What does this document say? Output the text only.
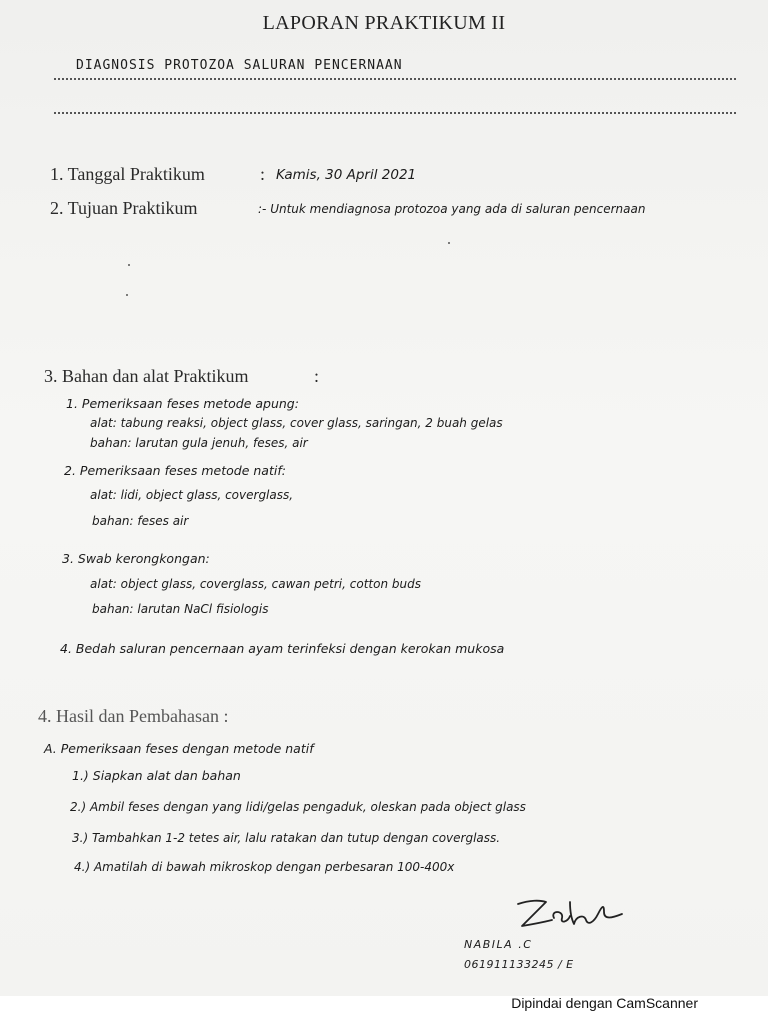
LAPORAN PRAKTIKUM II
DIAGNOSIS PROTOZOA SALURAN PENCERNAAN
1. Tanggal Praktikum	: Kamis, 30 April 2021
2. Tujuan Praktikum	:- Untuk mendiagnosa protozoa yang ada di saluran pencernaan
3. Bahan dan alat Praktikum	:
1. Pemeriksaan feses metode apung:
alat: tabung reaksi, object glass, cover glass, saringan, 2 buah gelas
bahan: larutan gula jenuh, feses, air
2. Pemeriksaan feses metode natif:
alat: lidi, object glass, coverglass,
bahan: feses air
3. Swab kerongkongan:
alat: object glass, coverglass, cawan petri, cotton buds
bahan: larutan NaCl fisiologis
4. Bedah saluran pencernaan ayam terinfeksi dengan kerokan mukosa
4. Hasil dan Pembahasan :
A. Pemeriksaan feses dengan metode natif
1.) Siapkan alat dan bahan
2.) Ambil feses dengan yang lidi/gelas pengaduk, oleskan pada object glass
3.) Tambahkan 1-2 tetes air, lalu ratakan dan tutup dengan coverglass.
4.) Amatilah di bawah mikroskop dengan perbesaran 100-400x
NABILA .C
061911133245 / E
Dipindai dengan CamScanner
